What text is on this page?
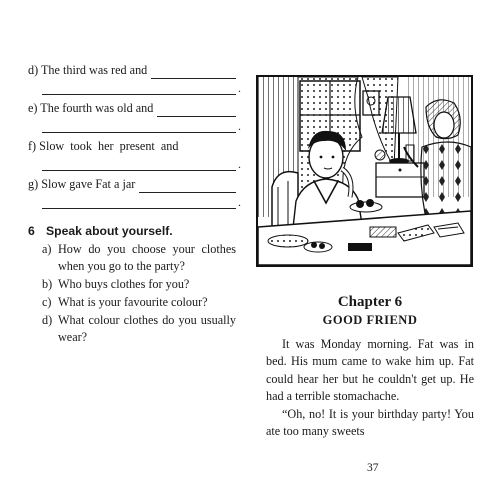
d) The third was red and
.
e) The fourth was old and
.
f) Slow took her present and
.
g) Slow gave Fat a jar
.
6 Speak about yourself.
a) How do you choose your clothes when you go to the party?
b) Who buys clothes for you?
c) What is your favourite colour?
d) What colour clothes do you usually wear?
Chapter 6
GOOD FRIEND

It was Monday morning. Fat was in bed. His mum came to wake him up. Fat could hear her but he couldn't get up. He had a terrible stomachache.

“Oh, no! It is your birthday party! You ate too many sweets

37
